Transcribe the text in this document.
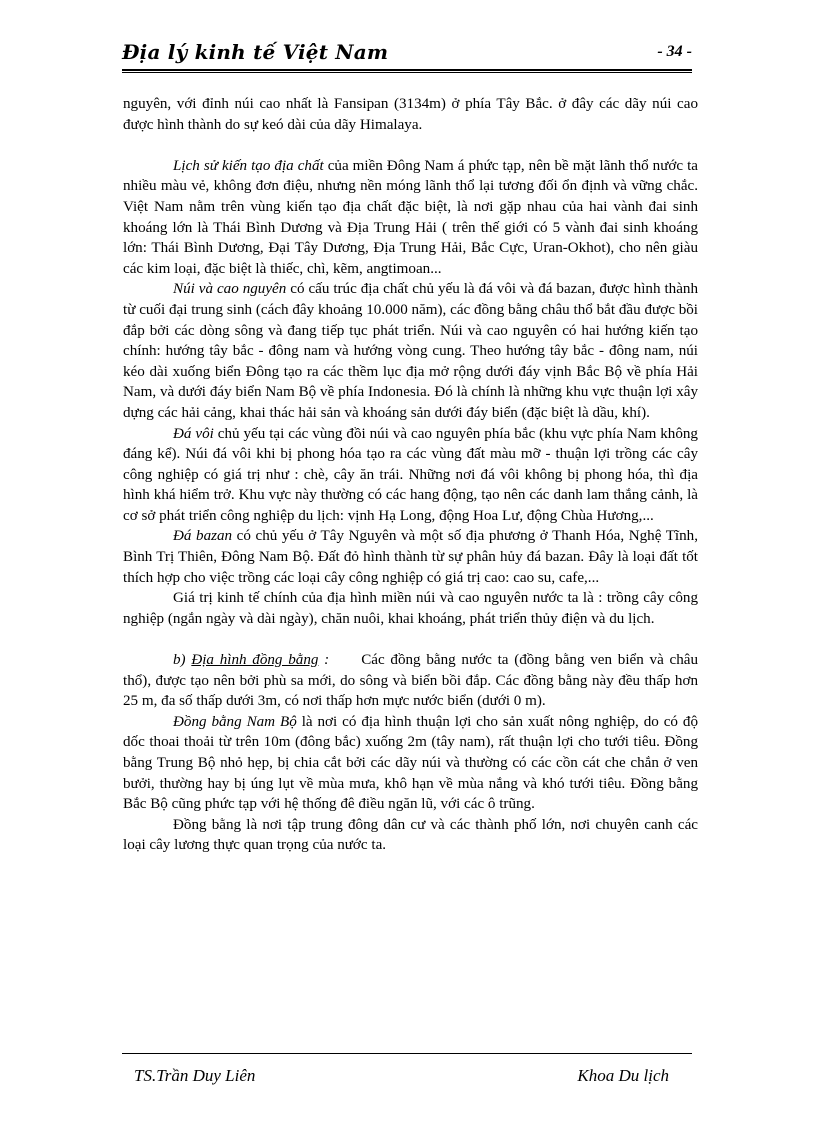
Địa lý kinh tế Việt Nam	- 34 -

nguyên, với đỉnh núi cao nhất là Fansipan (3134m) ở phía Tây Bắc. ở đây các dãy núi cao được hình thành do sự keó dài của dãy Himalaya.

Lịch sử kiến tạo địa chất của miền Đông Nam á phức tạp, nên bề mặt lãnh thổ nước ta nhiều màu vẻ, không đơn điệu, nhưng nền móng lãnh thổ lại tương đối ổn định và vững chắc. Việt Nam nằm trên vùng kiến tạo địa chất đặc biệt, là nơi gặp nhau của hai vành đai sinh khoáng lớn là Thái Bình Dương và Địa Trung Hải ( trên thế giới có 5 vành đai sinh khoáng lớn: Thái Bình Dương, Đại Tây Dương, Địa Trung Hải, Bắc Cực, Uran-Okhot), cho nên giàu các kim loại, đặc biệt là thiếc, chì, kẽm, angtimoan...

Núi và cao nguyên có cấu trúc địa chất chủ yếu là đá vôi và đá bazan, được hình thành từ cuối đại trung sinh (cách đây khoảng 10.000 năm), các đồng bằng châu thổ bắt đầu được bồi đắp bởi các dòng sông và đang tiếp tục phát triển. Núi và cao nguyên có hai hướng kiến tạo chính: hướng tây bắc - đông nam và hướng vòng cung. Theo hướng tây bắc - đông nam, núi kéo dài xuống biển Đông tạo ra các thềm lục địa mở rộng dưới đáy vịnh Bắc Bộ về phía Hải Nam, và dưới đáy biển Nam Bộ về phía Indonesia. Đó là chính là những khu vực thuận lợi xây dựng các hải cảng, khai thác hải sản và khoáng sản dưới đáy biển (đặc biệt là dầu, khí).

Đá vôi chủ yếu tại các vùng đồi núi và cao nguyên phía bắc (khu vực phía Nam không đáng kể). Núi đá vôi khi bị phong hóa tạo ra các vùng đất màu mỡ - thuận lợi trồng các cây công nghiệp có giá trị như : chè, cây ăn trái. Những nơi đá vôi không bị phong hóa, thì địa hình khá hiểm trở. Khu vực này thường có các hang động, tạo nên các danh lam thắng cảnh, là cơ sở phát triển công nghiệp du lịch: vịnh Hạ Long, động Hoa Lư, động Chùa Hương,...

Đá bazan có chủ yếu ở Tây Nguyên và một số địa phương ở Thanh Hóa, Nghệ Tĩnh, Bình Trị Thiên, Đông Nam Bộ. Đất đỏ hình thành từ sự phân hủy đá bazan. Đây là loại đất tốt thích hợp cho việc trồng các loại cây công nghiệp có giá trị cao: cao su, cafe,...

Giá trị kinh tế chính của địa hình miền núi và cao nguyên nước ta là : trồng cây công nghiệp (ngắn ngày và dài ngày), chăn nuôi, khai khoáng, phát triển thủy điện và du lịch.

b) Địa hình đồng bằng : Các đồng bằng nước ta (đồng bằng ven biển và châu thổ), được tạo nên bởi phù sa mới, do sông và biển bồi đắp. Các đồng bằng này đều thấp hơn 25 m, đa số thấp dưới 3m, có nơi thấp hơn mực nước biển (dưới 0 m).

Đồng bằng Nam Bộ là nơi có địa hình thuận lợi cho sản xuất nông nghiệp, do có độ dốc thoai thoải từ trên 10m (đông bắc) xuống 2m (tây nam), rất thuận lợi cho tưới tiêu. Đồng bằng Trung Bộ nhỏ hẹp, bị chia cắt bởi các dãy núi và thường có các cồn cát che chắn ở ven bưởi, thường hay bị úng lụt về mùa mưa, khô hạn về mùa nắng và khó tưới tiêu. Đồng bằng Bắc Bộ cũng phức tạp với hệ thống đê điều ngăn lũ, với các ô trũng.

Đồng bằng là nơi tập trung đông dân cư và các thành phố lớn, nơi chuyên canh các loại cây lương thực quan trọng của nước ta.

TS.Trần Duy Liên	Khoa Du lịch
